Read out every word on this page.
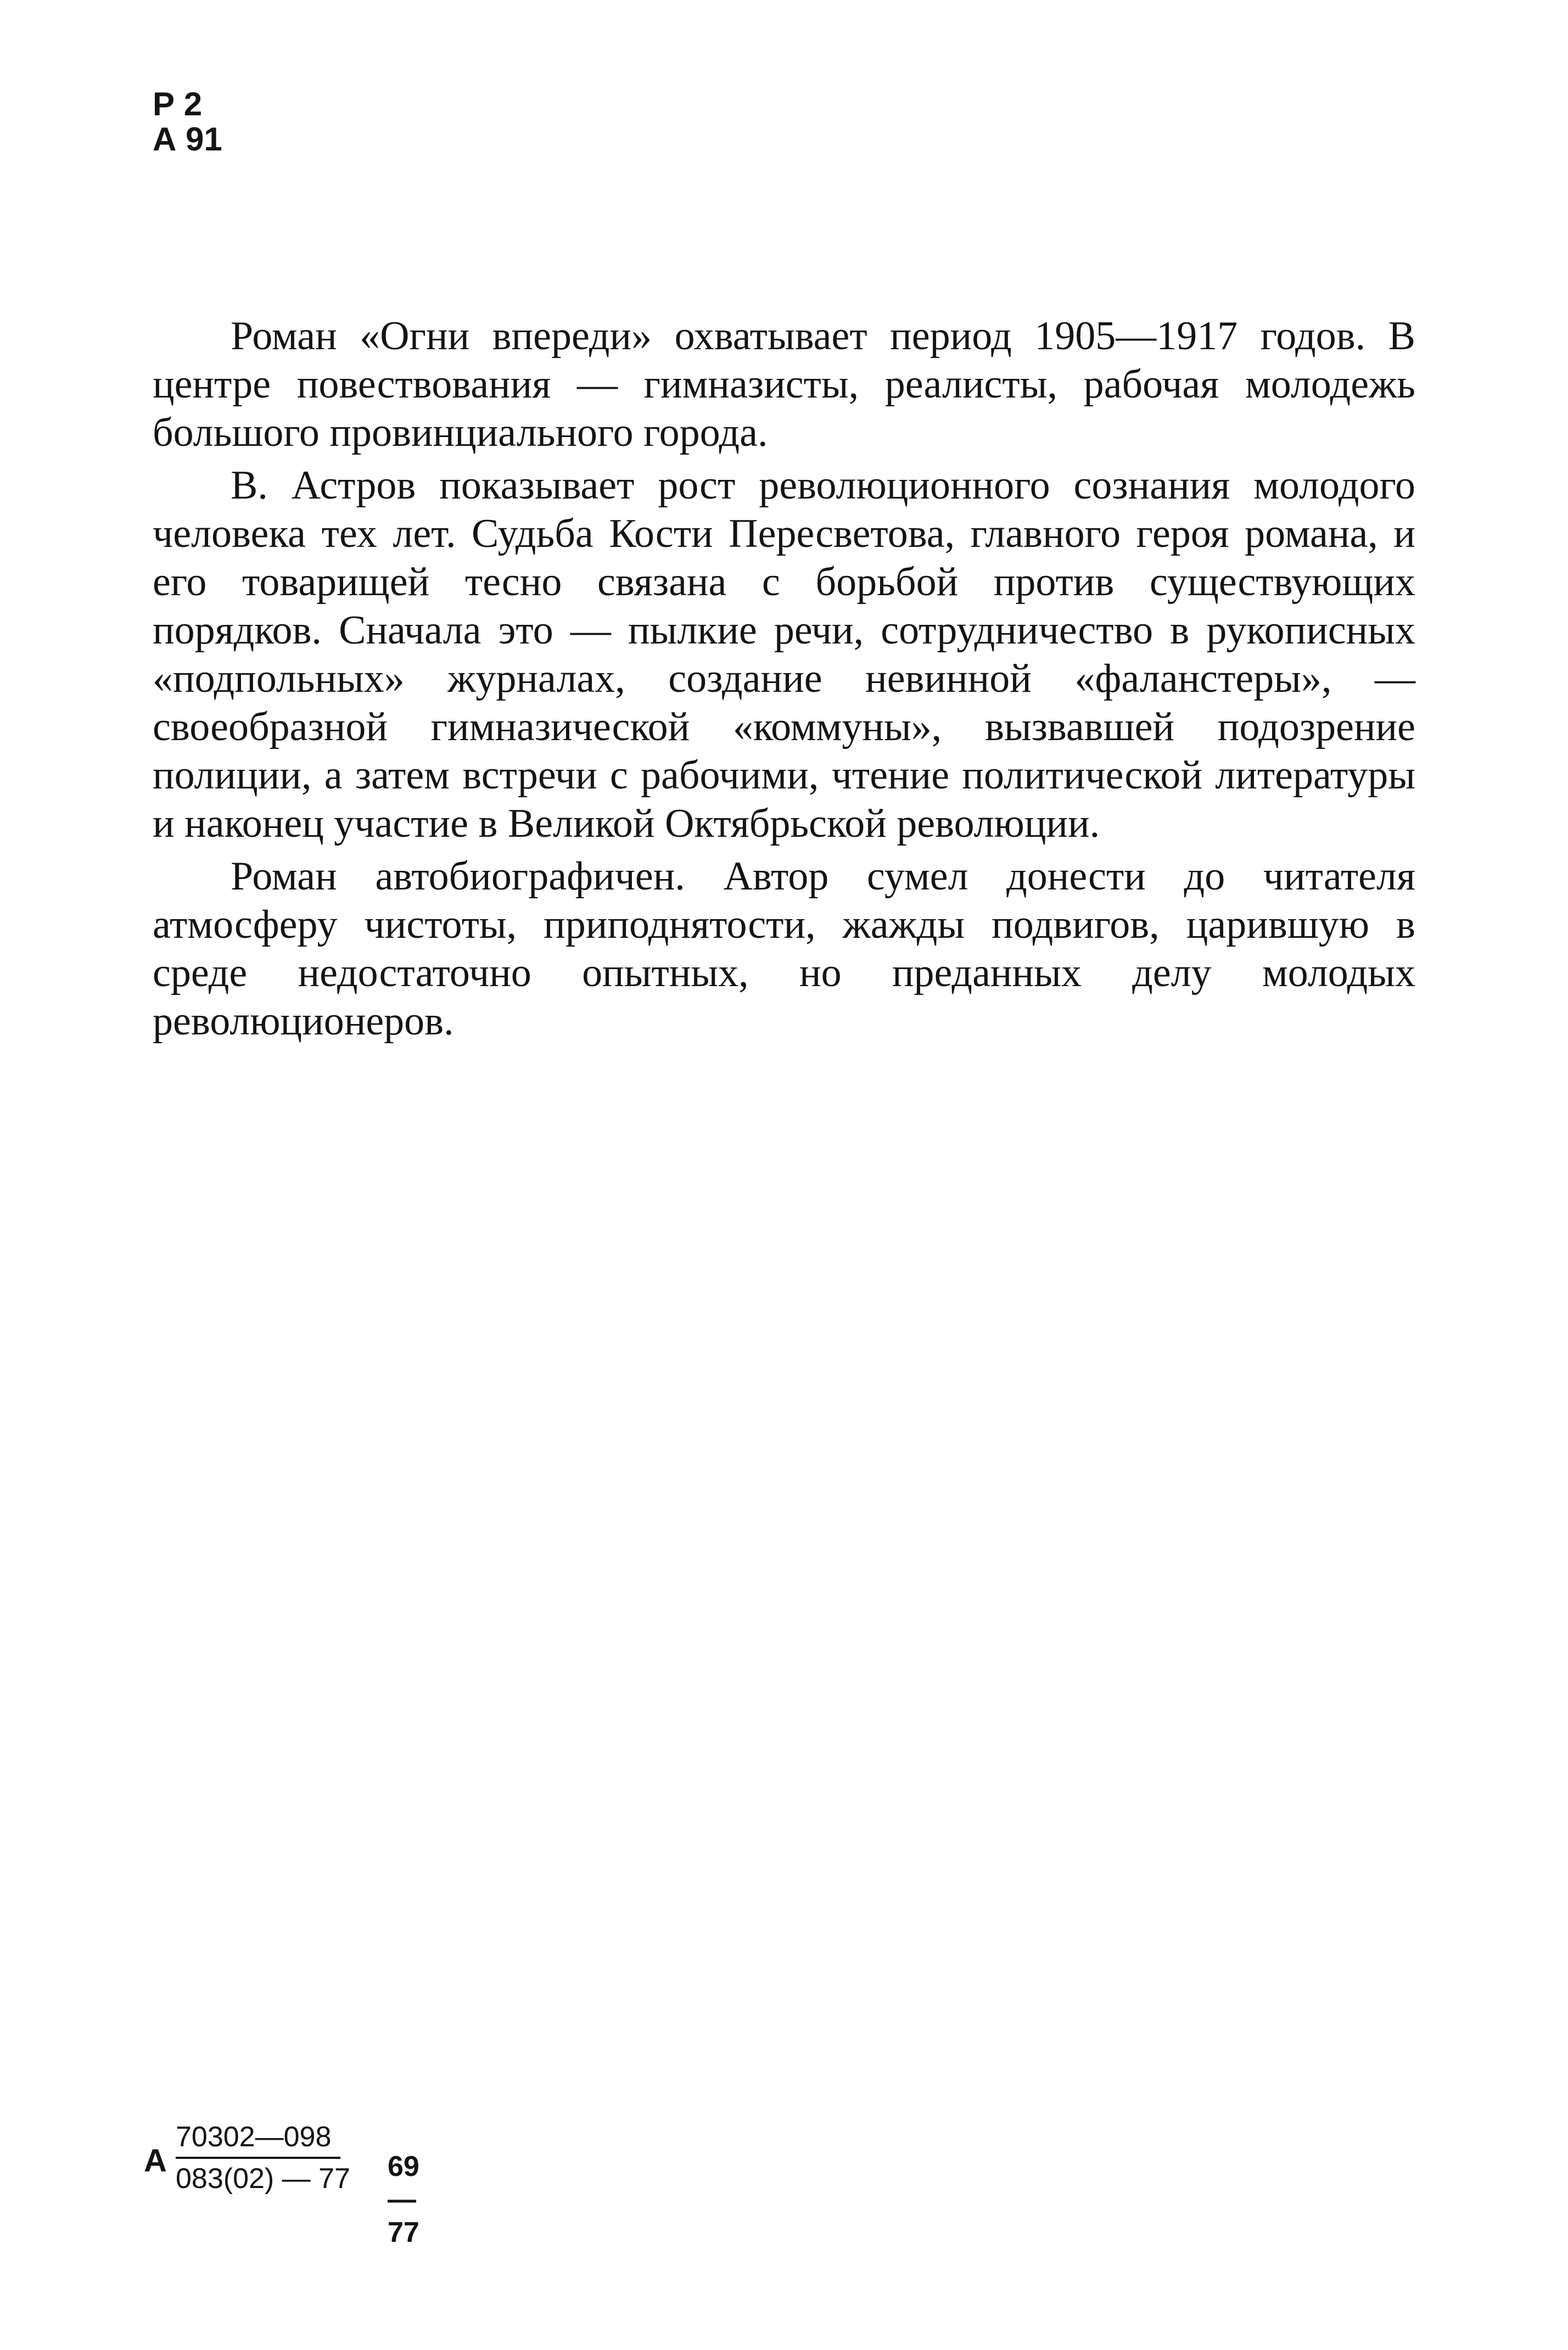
Р 2
А 91

Роман «Огни впереди» охватывает период 1905—1917 годов. В центре повествования — гимназисты, реалисты, рабочая молодежь большого провинциального города.

В. Астров показывает рост революционного сознания молодого человека тех лет. Судьба Кости Пересветова, главного героя романа, и его товарищей тесно связана с борьбой против существующих порядков. Сначала это — пылкие речи, сотрудничество в рукописных «подпольных» журналах, создание невинной «фаланстеры», — своеобразной гимназической «коммуны», вызвавшей подозрение полиции, а затем встречи с рабочими, чтение политической литературы и наконец участие в Великой Октябрьской революции.

Роман автобиографичен. Автор сумел донести до читателя атмосферу чистоты, приподнятости, жажды подвигов, царившую в среде недостаточно опытных, но преданных делу молодых революционеров.

А $\frac{70302—098}{083(02) — 77}$
69—77
